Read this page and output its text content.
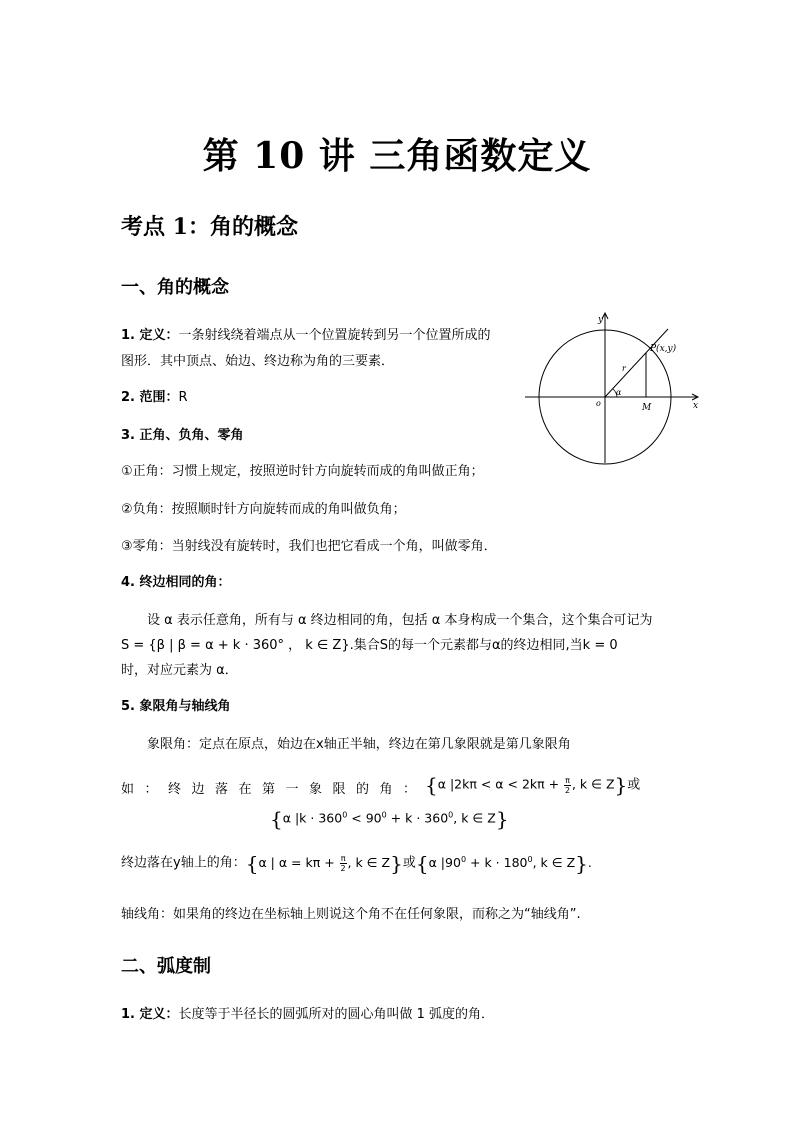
第 10 讲 三角函数定义
考点 1：角的概念
一、角的概念
1. 定义：一条射线绕着端点从一个位置旋转到另一个位置所成的
图形．其中顶点、始边、终边称为角的三要素．
2. 范围：R
3. 正角、负角、零角
①正角：习惯上规定，按照逆时针方向旋转而成的角叫做正角；
②负角：按照顺时针方向旋转而成的角叫做负角；
③零角：当射线没有旋转时，我们也把它看成一个角，叫做零角．
4. 终边相同的角：
设 α 表示任意角，所有与 α 终边相同的角，包括 α 本身构成一个集合，这个集合可记为
S = {β | β = α + k · 360° ， k ∈ Z}.集合S的每一个元素都与α的终边相同,当k = 0
时，对应元素为 α．
5. 象限角与轴线角
象限角：定点在原点，始边在x轴正半轴，终边在第几象限就是第几象限角
如 ： 终 边 落 在 第 一 象 限 的 角 ： {α $|2k\pi < \alpha < 2k\pi + \frac{\pi}{2}$ , k ∈ Z}或
{α $|k \cdot 360^0 < 90^0 + k \cdot 360^0$, k ∈ Z}
终边落在y轴上的角：{α | $\alpha = k\pi + \frac{\pi}{2}$ , k ∈ Z}或{α $|90^0 + k \cdot 180^0$, k ∈ Z}.
轴线角：如果角的终边在坐标轴上则说这个角不在任何象限，而称之为“轴线角”.
二、弧度制
1. 定义：长度等于半径长的圆弧所对的圆心角叫做 1 弧度的角．
y
x
o
α
r
P(x,y)
M
